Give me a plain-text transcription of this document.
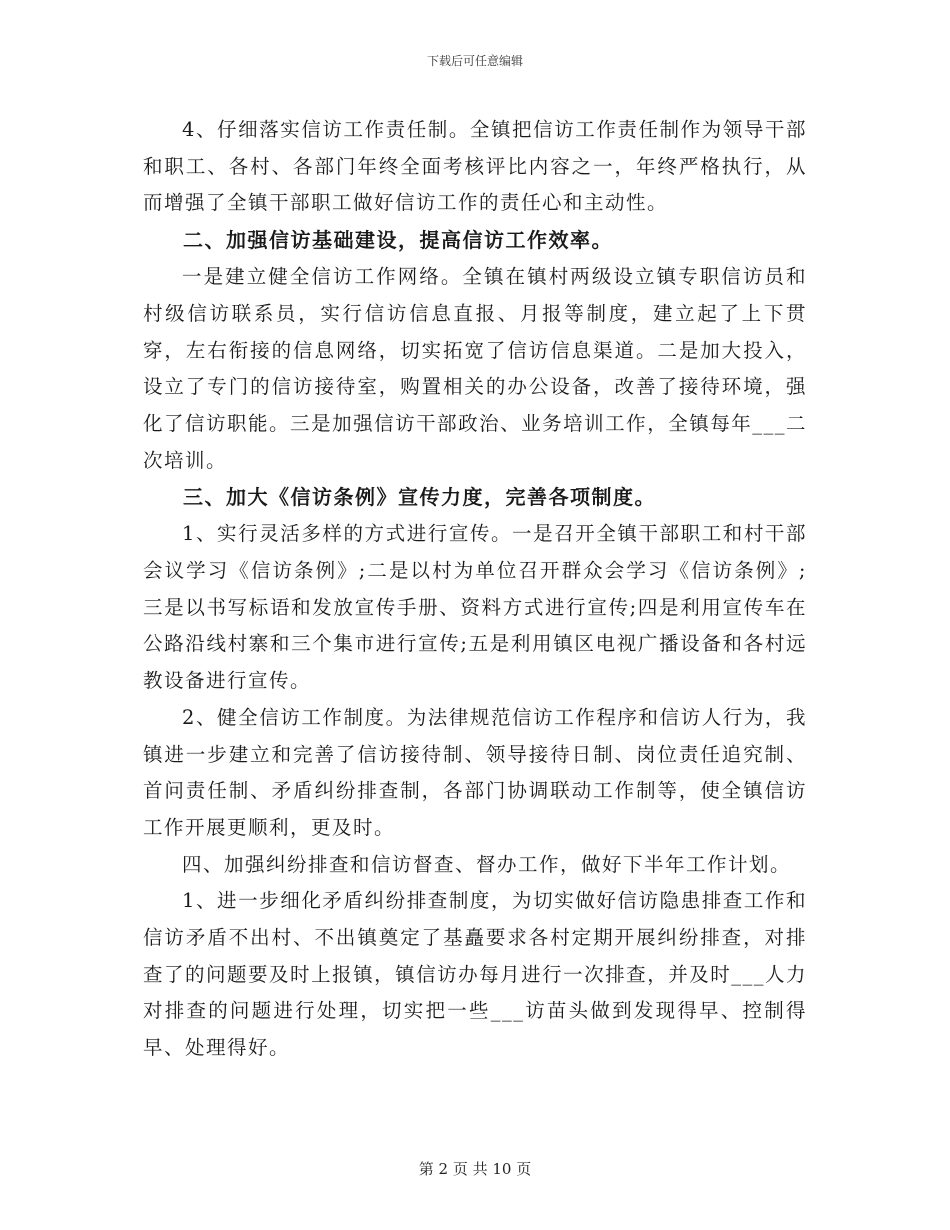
下载后可任意编辑

4、仔细落实信访工作责任制。全镇把信访工作责任制作为领导干部和职工、各村、各部门年终全面考核评比内容之一，年终严格执行，从而增强了全镇干部职工做好信访工作的责任心和主动性。

二、加强信访基础建设，提高信访工作效率。

一是建立健全信访工作网络。全镇在镇村两级设立镇专职信访员和村级信访联系员，实行信访信息直报、月报等制度，建立起了上下贯穿，左右衔接的信息网络，切实拓宽了信访信息渠道。二是加大投入，设立了专门的信访接待室，购置相关的办公设备，改善了接待环境，强化了信访职能。三是加强信访干部政治、业务培训工作，全镇每年___二次培训。

三、加大《信访条例》宣传力度，完善各项制度。

1、实行灵活多样的方式进行宣传。一是召开全镇干部职工和村干部会议学习《信访条例》;二是以村为单位召开群众会学习《信访条例》;三是以书写标语和发放宣传手册、资料方式进行宣传;四是利用宣传车在公路沿线村寨和三个集市进行宣传;五是利用镇区电视广播设备和各村远教设备进行宣传。

2、健全信访工作制度。为法律规范信访工作程序和信访人行为，我镇进一步建立和完善了信访接待制、领导接待日制、岗位责任追究制、首问责任制、矛盾纠纷排查制，各部门协调联动工作制等，使全镇信访工作开展更顺利，更及时。

四、加强纠纷排查和信访督查、督办工作，做好下半年工作计划。

1、进一步细化矛盾纠纷排查制度，为切实做好信访隐患排查工作和信访矛盾不出村、不出镇奠定了基矗要求各村定期开展纠纷排查，对排查了的问题要及时上报镇，镇信访办每月进行一次排查，并及时___人力对排查的问题进行处理，切实把一些___访苗头做到发现得早、控制得早、处理得好。

第 2 页 共 10 页
